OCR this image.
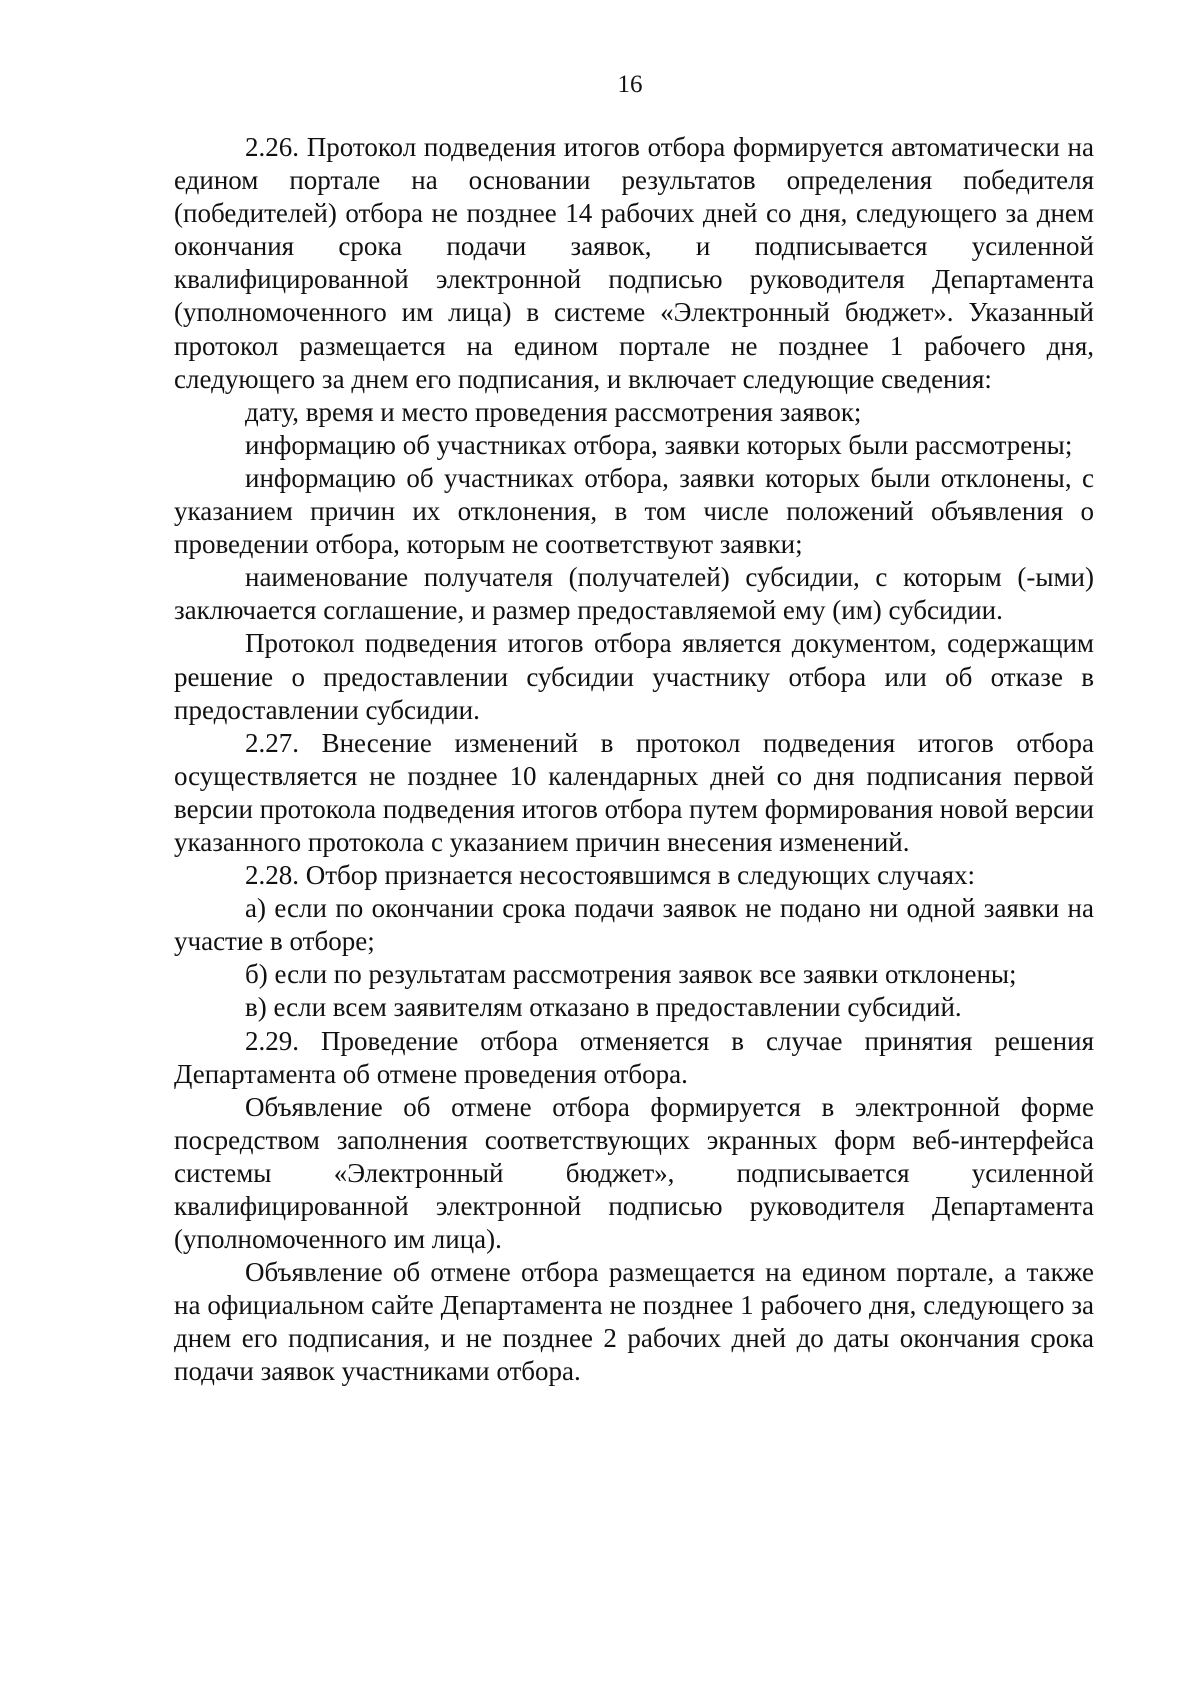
16

2.26. Протокол подведения итогов отбора формируется автоматически на едином портале на основании результатов определения победителя (победителей) отбора не позднее 14 рабочих дней со дня, следующего за днем окончания срока подачи заявок, и подписывается усиленной квалифицированной электронной подписью руководителя Департамента (уполномоченного им лица) в системе «Электронный бюджет». Указанный протокол размещается на едином портале не позднее 1 рабочего дня, следующего за днем его подписания, и включает следующие сведения:

дату, время и место проведения рассмотрения заявок;

информацию об участниках отбора, заявки которых были рассмотрены;

информацию об участниках отбора, заявки которых были отклонены, с указанием причин их отклонения, в том числе положений объявления о проведении отбора, которым не соответствуют заявки;

наименование получателя (получателей) субсидии, с которым (-ыми) заключается соглашение, и размер предоставляемой ему (им) субсидии.

Протокол подведения итогов отбора является документом, содержащим решение о предоставлении субсидии участнику отбора или об отказе в предоставлении субсидии.

2.27. Внесение изменений в протокол подведения итогов отбора осуществляется не позднее 10 календарных дней со дня подписания первой версии протокола подведения итогов отбора путем формирования новой версии указанного протокола с указанием причин внесения изменений.

2.28. Отбор признается несостоявшимся в следующих случаях:

а) если по окончании срока подачи заявок не подано ни одной заявки на участие в отборе;

б) если по результатам рассмотрения заявок все заявки отклонены;

в) если всем заявителям отказано в предоставлении субсидий.

2.29. Проведение отбора отменяется в случае принятия решения Департамента об отмене проведения отбора.

Объявление об отмене отбора формируется в электронной форме посредством заполнения соответствующих экранных форм веб-интерфейса системы «Электронный бюджет», подписывается усиленной квалифицированной электронной подписью руководителя Департамента (уполномоченного им лица).

Объявление об отмене отбора размещается на едином портале, а также на официальном сайте Департамента не позднее 1 рабочего дня, следующего за днем его подписания, и не позднее 2 рабочих дней до даты окончания срока подачи заявок участниками отбора.
